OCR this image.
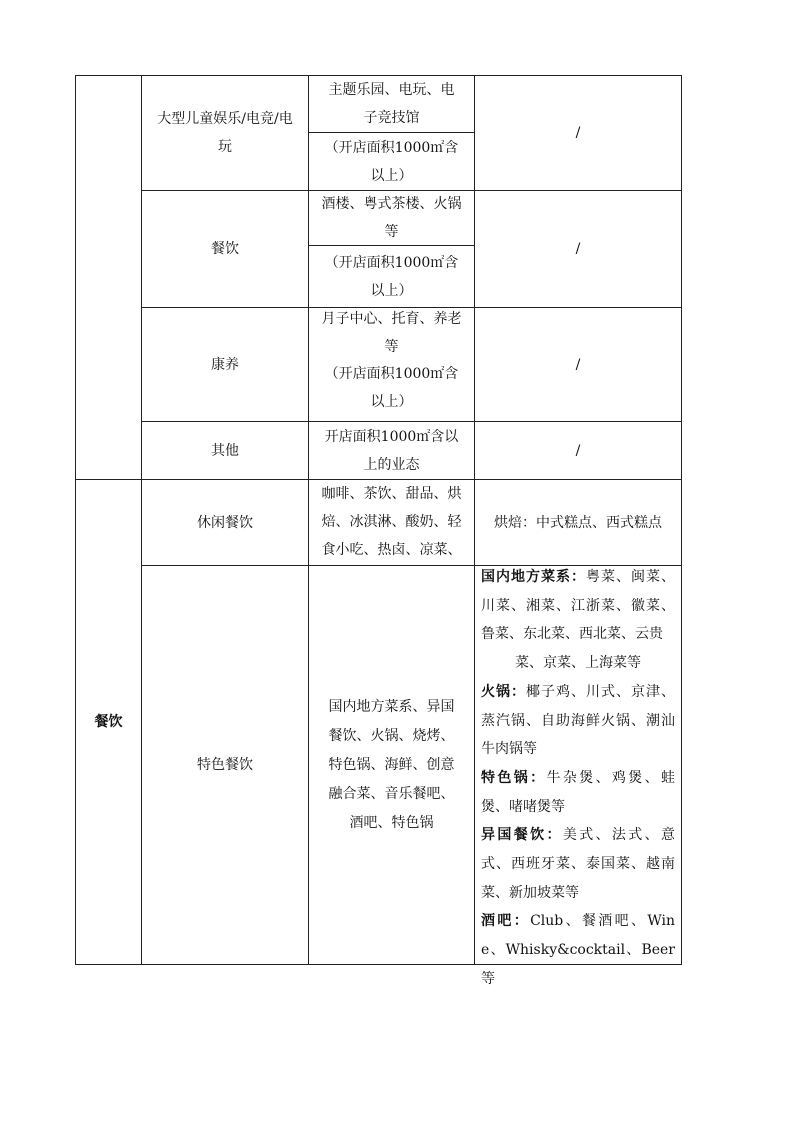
大型儿童娱乐/电竞/电玩
主题乐园、电玩、电子竞技馆
（开店面积1000㎡含以上）
/
餐饮
酒楼、粤式茶楼、火锅等
（开店面积1000㎡含以上）
/
康养
月子中心、托育、养老等
（开店面积1000㎡含以上）
/
其他
开店面积1000㎡含以上的业态
/
餐饮
休闲餐饮
咖啡、茶饮、甜品、烘焙、冰淇淋、酸奶、轻食小吃、热卤、凉菜、
烘焙：中式糕点、西式糕点
特色餐饮
国内地方菜系、异国餐饮、火锅、烧烤、特色锅、海鲜、创意融合菜、音乐餐吧、酒吧、特色锅

国内地方菜系：粤菜、闽菜、川菜、湘菜、江浙菜、徽菜、鲁菜、东北菜、西北菜、云贵

菜、京菜、上海菜等

火锅：椰子鸡、川式、京津、蒸汽锅、自助海鲜火锅、潮汕牛肉锅等

特色锅：牛杂煲、鸡煲、蛙煲、啫啫煲等

异国餐饮：美式、法式、意式、西班牙菜、泰国菜、越南菜、新加坡菜等

酒吧：Club、餐酒吧、Wine、Whisky&cocktail、Beer等
